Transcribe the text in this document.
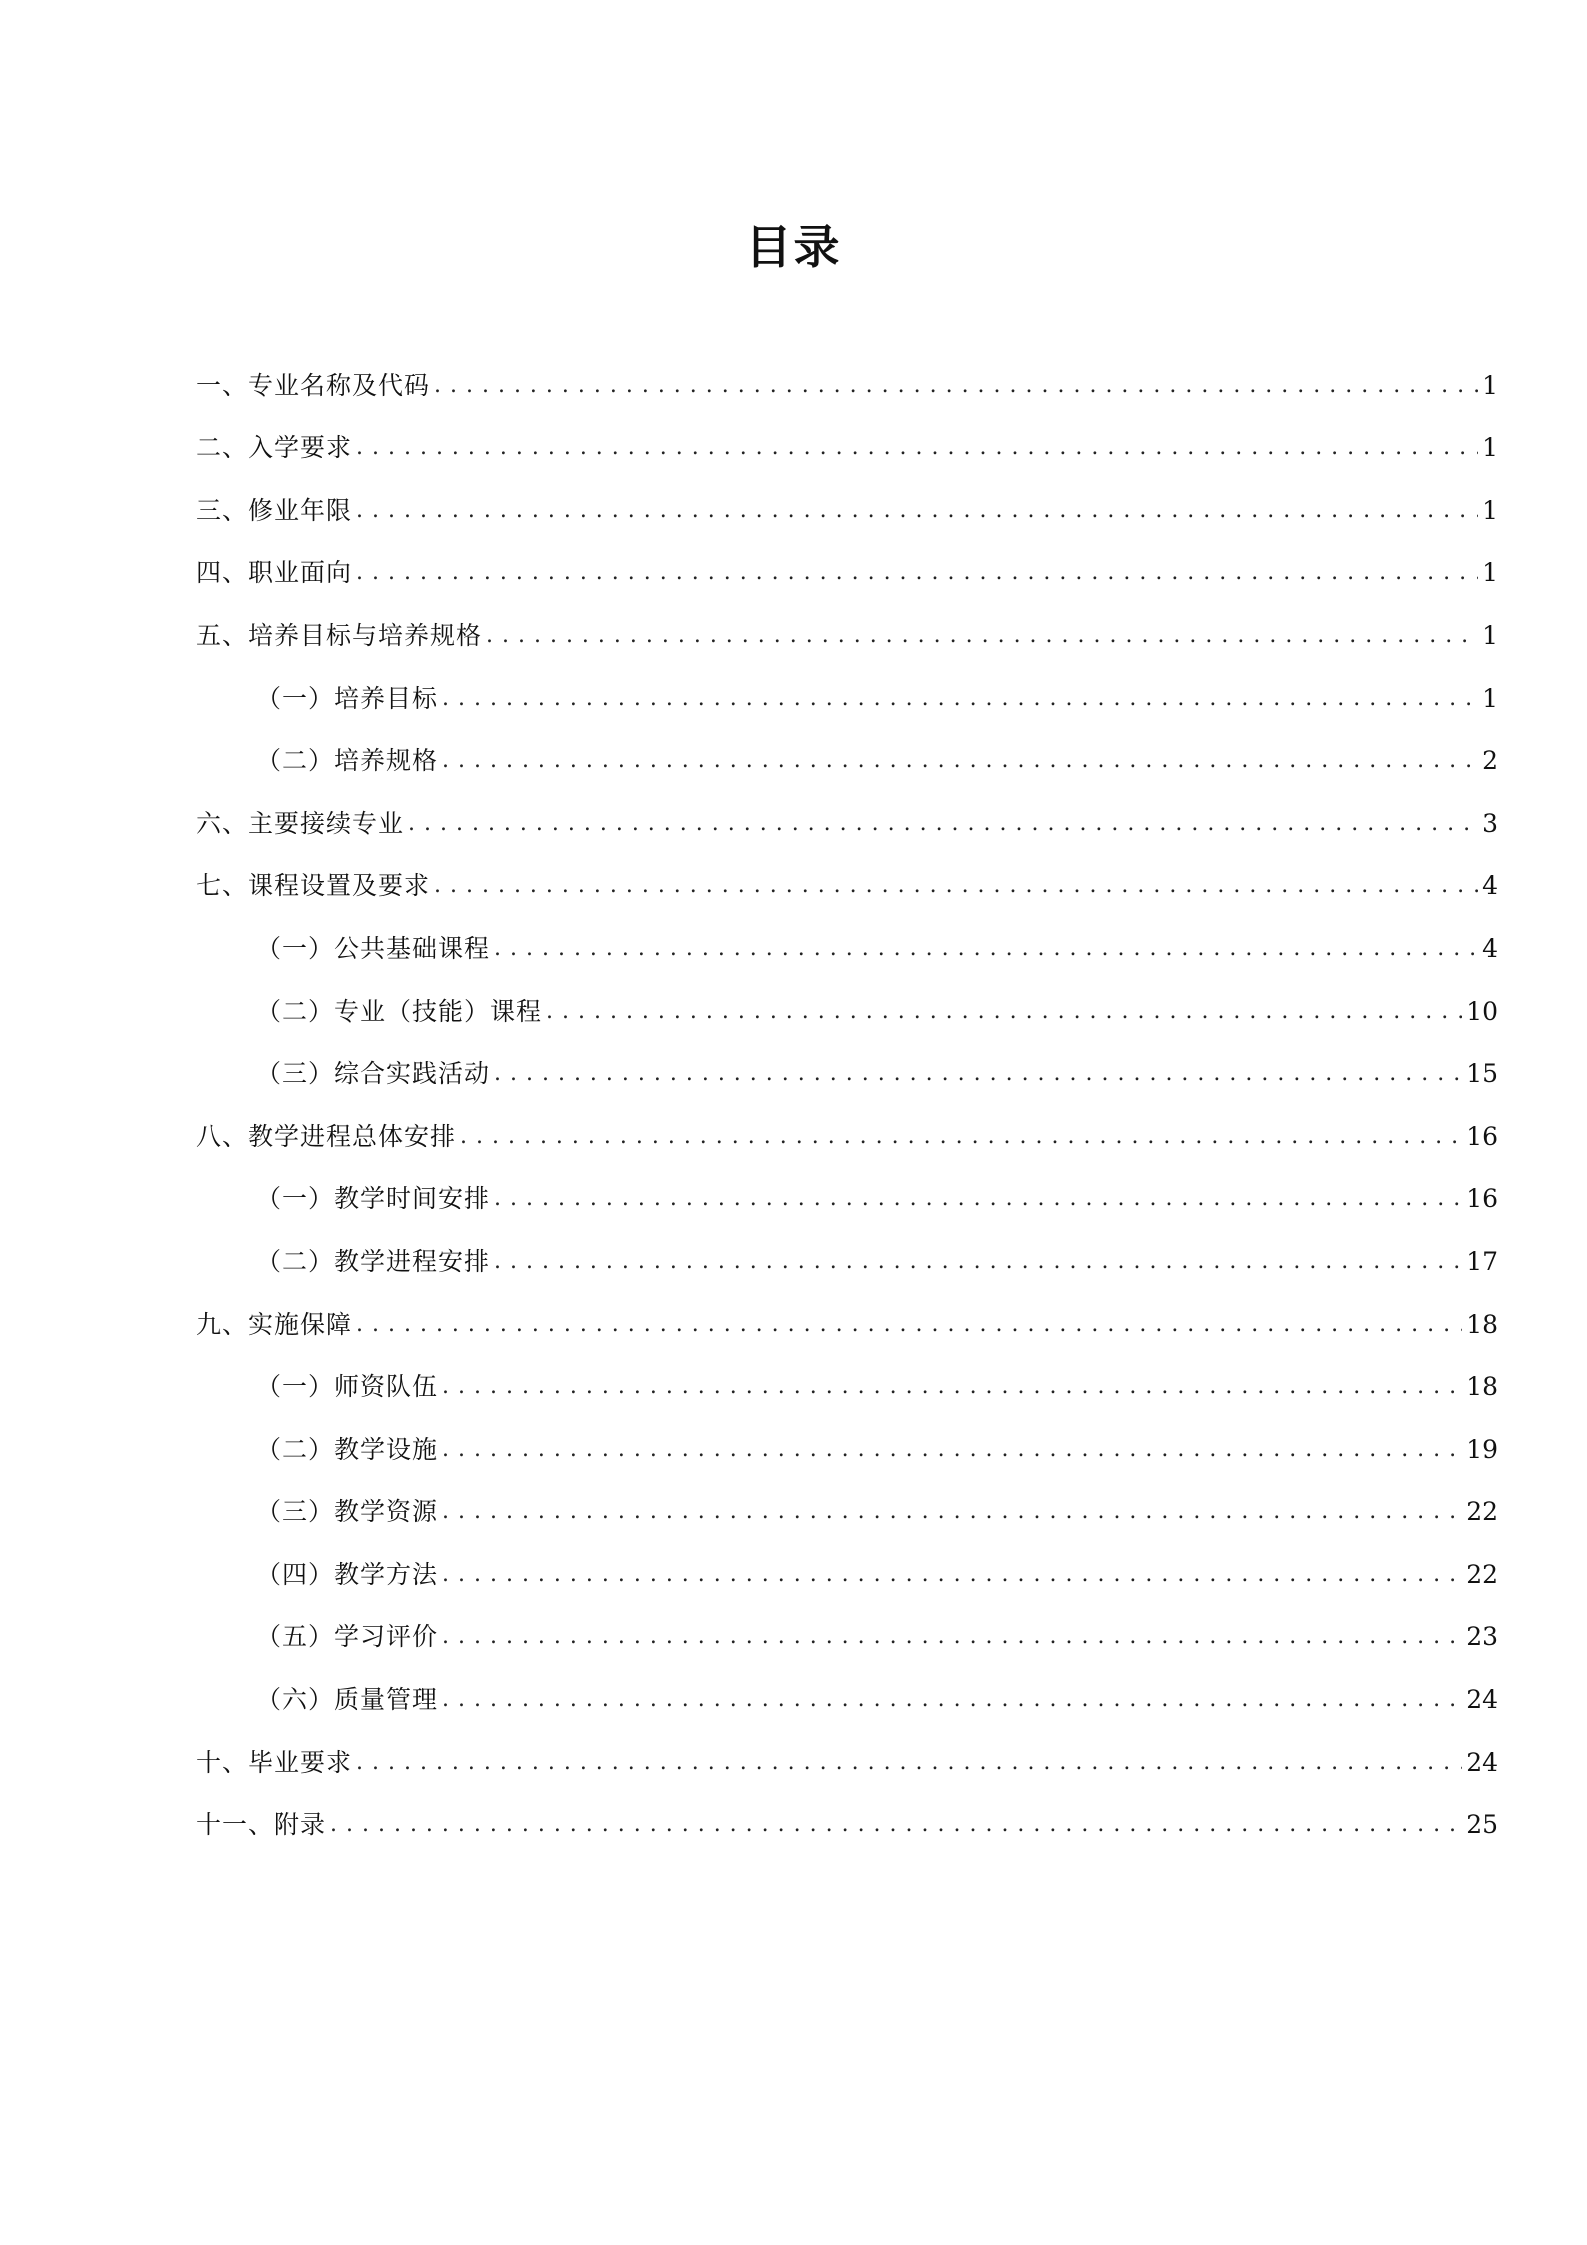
目录
一、专业名称及代码 . . .	1
二、入学要求 . . .	1
三、修业年限 . . .	1
四、职业面向 . . .	1
五、培养目标与培养规格 . . .	1
（一）培养目标 . . .	1
（二）培养规格 . . .	2
六、主要接续专业 . . .	3
七、课程设置及要求 . . .	4
（一）公共基础课程 . . .	4
（二）专业（技能）课程 . . .	10
（三）综合实践活动 . . .	15
八、教学进程总体安排 . . .	16
（一）教学时间安排 . . .	16
（二）教学进程安排 . . .	17
九、实施保障 . . .	18
（一）师资队伍 . . .	18
（二）教学设施 . . .	19
（三）教学资源 . . .	22
（四）教学方法 . . .	22
（五）学习评价 . . .	23
（六）质量管理 . . .	24
十、毕业要求 . . .	24
十一、附录 . . .	25
